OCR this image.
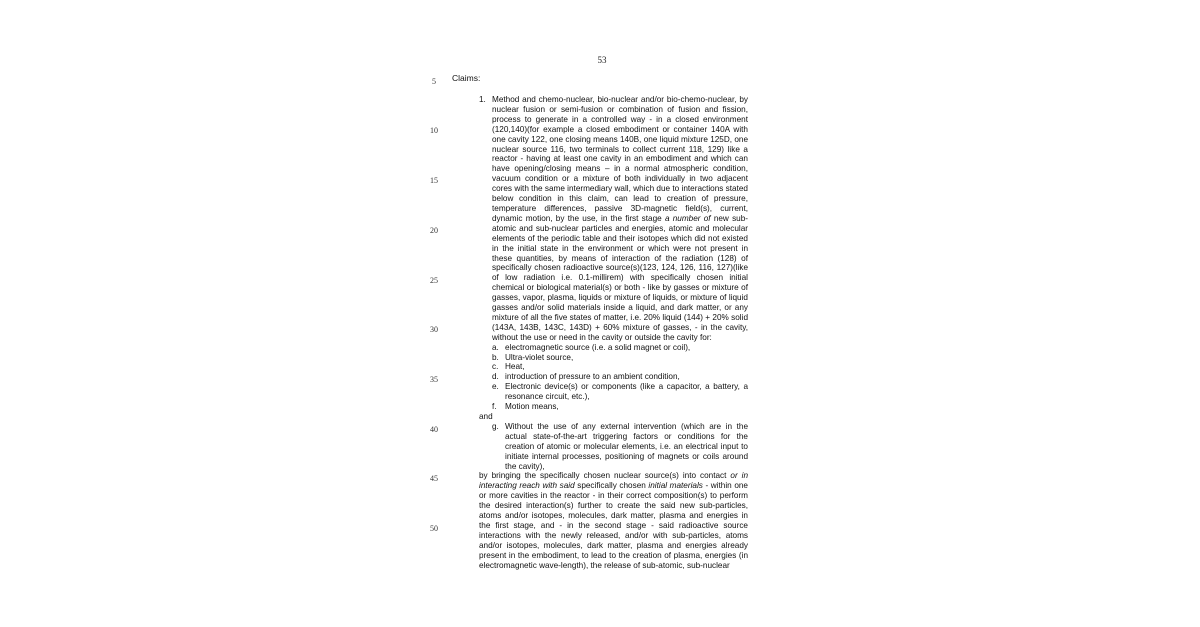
53
5
10
15
20
25
30
35
40
45
50
Claims:
1. Method and chemo-nuclear, bio-nuclear and/or bio-chemo-nuclear, by nuclear fusion or semi-fusion or combination of fusion and fission, process to generate in a controlled way - in a closed environment (120,140)(for example a closed embodiment or container 140A with one cavity 122, one closing means 140B, one liquid mixture 125D, one nuclear source 116, two terminals to collect current 118, 129) like a reactor - having at least one cavity in an embodiment and which can have opening/closing means – in a normal atmospheric condition, vacuum condition or a mixture of both individually in two adjacent cores with the same intermediary wall, which due to interactions stated below condition in this claim, can lead to creation of pressure, temperature differences, passive 3D-magnetic field(s), current, dynamic motion, by the use, in the first stage a number of new sub-atomic and sub-nuclear particles and energies, atomic and molecular elements of the periodic table and their isotopes which did not existed in the initial state in the environment or which were not present in these quantities, by means of interaction of the radiation (128) of specifically chosen radioactive source(s)(123, 124, 126, 116, 127)(like of low radiation i.e. 0.1-millirem) with specifically chosen initial chemical or biological material(s) or both - like by gasses or mixture of gasses, vapor, plasma, liquids or mixture of liquids, or mixture of liquid gasses and/or solid materials inside a liquid, and dark matter, or any mixture of all the five states of matter, i.e. 20% liquid (144) + 20% solid (143A, 143B, 143C, 143D) + 60% mixture of gasses, - in the cavity, without the use or need in the cavity or outside the cavity for:
a. electromagnetic source (i.e. a solid magnet or coil),
b. Ultra-violet source,
c. Heat,
d. introduction of pressure to an ambient condition,
e. Electronic device(s) or components (like a capacitor, a battery, a resonance circuit, etc.),
f. Motion means,
and
g. Without the use of any external intervention (which are in the actual state-of-the-art triggering factors or conditions for the creation of atomic or molecular elements, i.e. an electrical input to initiate internal processes, positioning of magnets or coils around the cavity),
by bringing the specifically chosen nuclear source(s) into contact or in interacting reach with said specifically chosen initial materials - within one or more cavities in the reactor - in their correct composition(s) to perform the desired interaction(s) further to create the said new sub-particles, atoms and/or isotopes, molecules, dark matter, plasma and energies in the first stage, and - in the second stage - said radioactive source interactions with the newly released, and/or with sub-particles, atoms and/or isotopes, molecules, dark matter, plasma and energies already present in the embodiment, to lead to the creation of plasma, energies (in electromagnetic wave-length), the release of sub-atomic, sub-nuclear
